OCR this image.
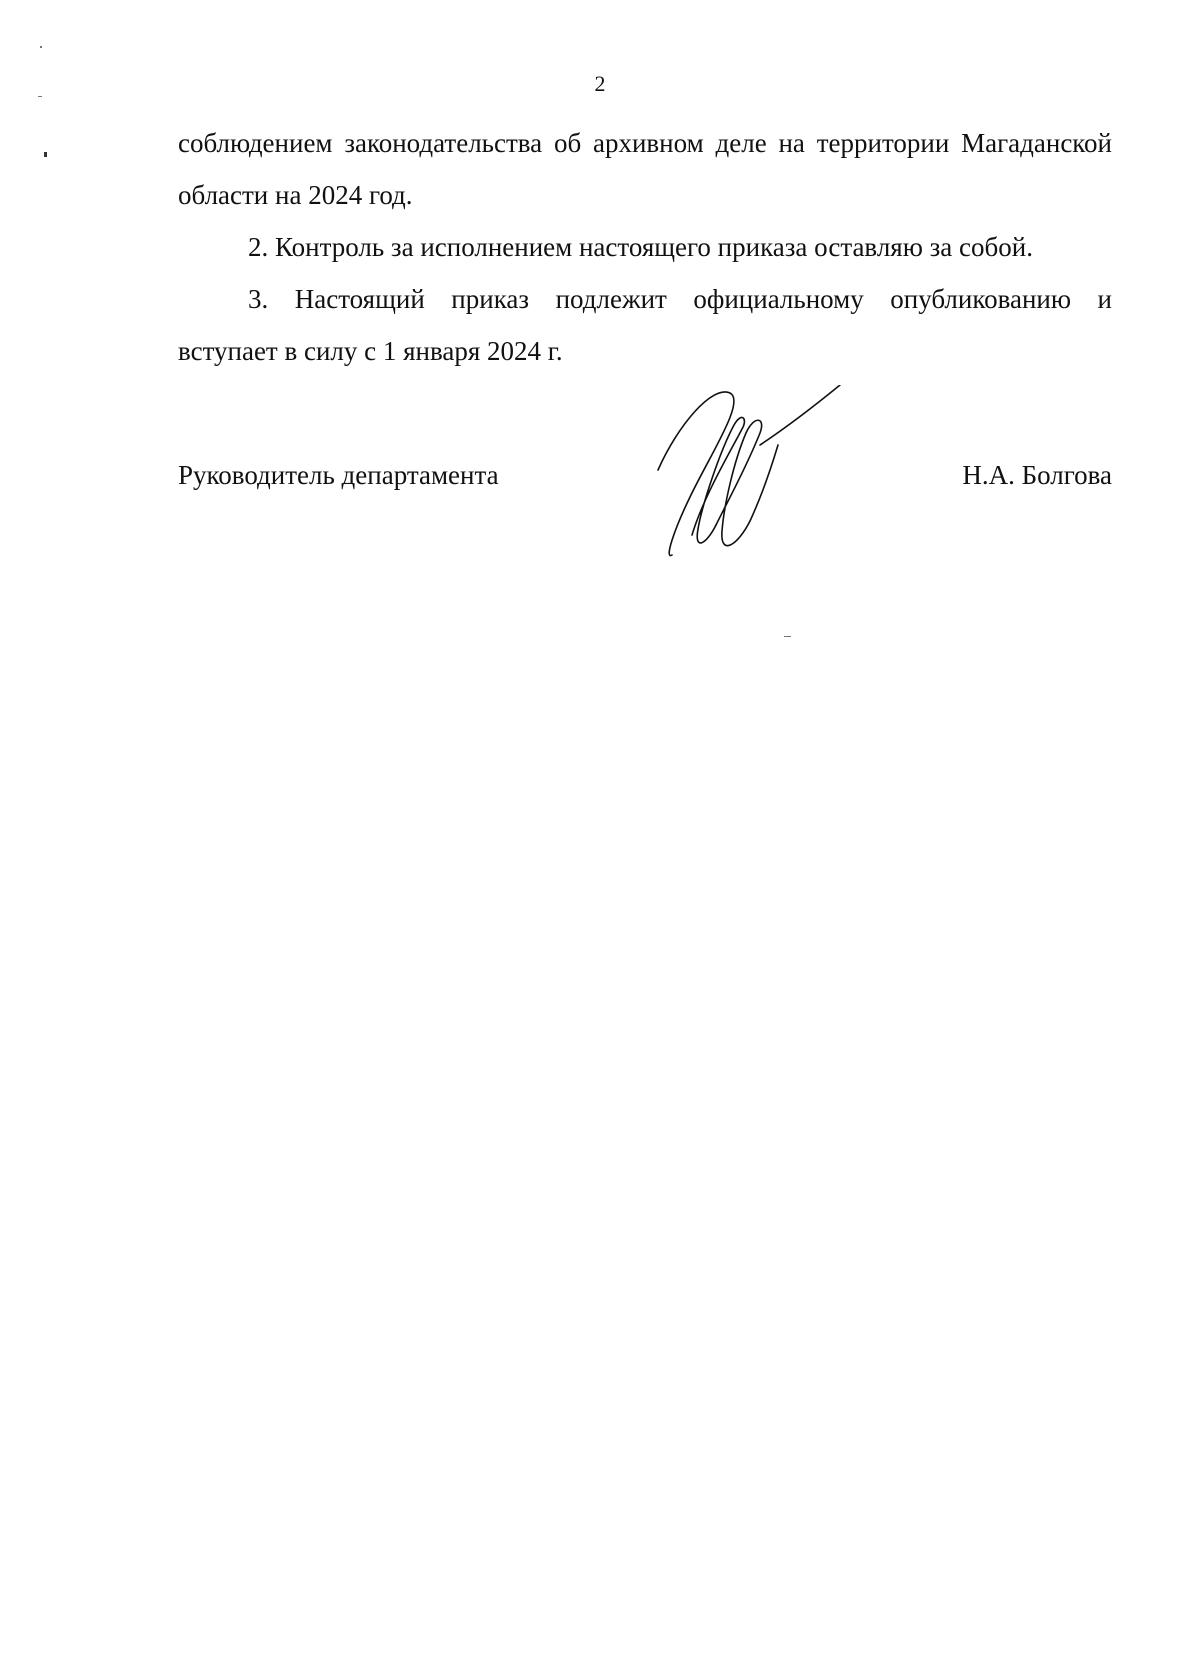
2

соблюдением законодательства об архивном деле на территории Магаданской

области на 2024 год.

2. Контроль за исполнением настоящего приказа оставляю за собой.

3. Настоящий приказ подлежит официальному опубликованию и

вступает в силу с 1 января 2024 г.

Руководитель департамента	Н.А. Болгова
